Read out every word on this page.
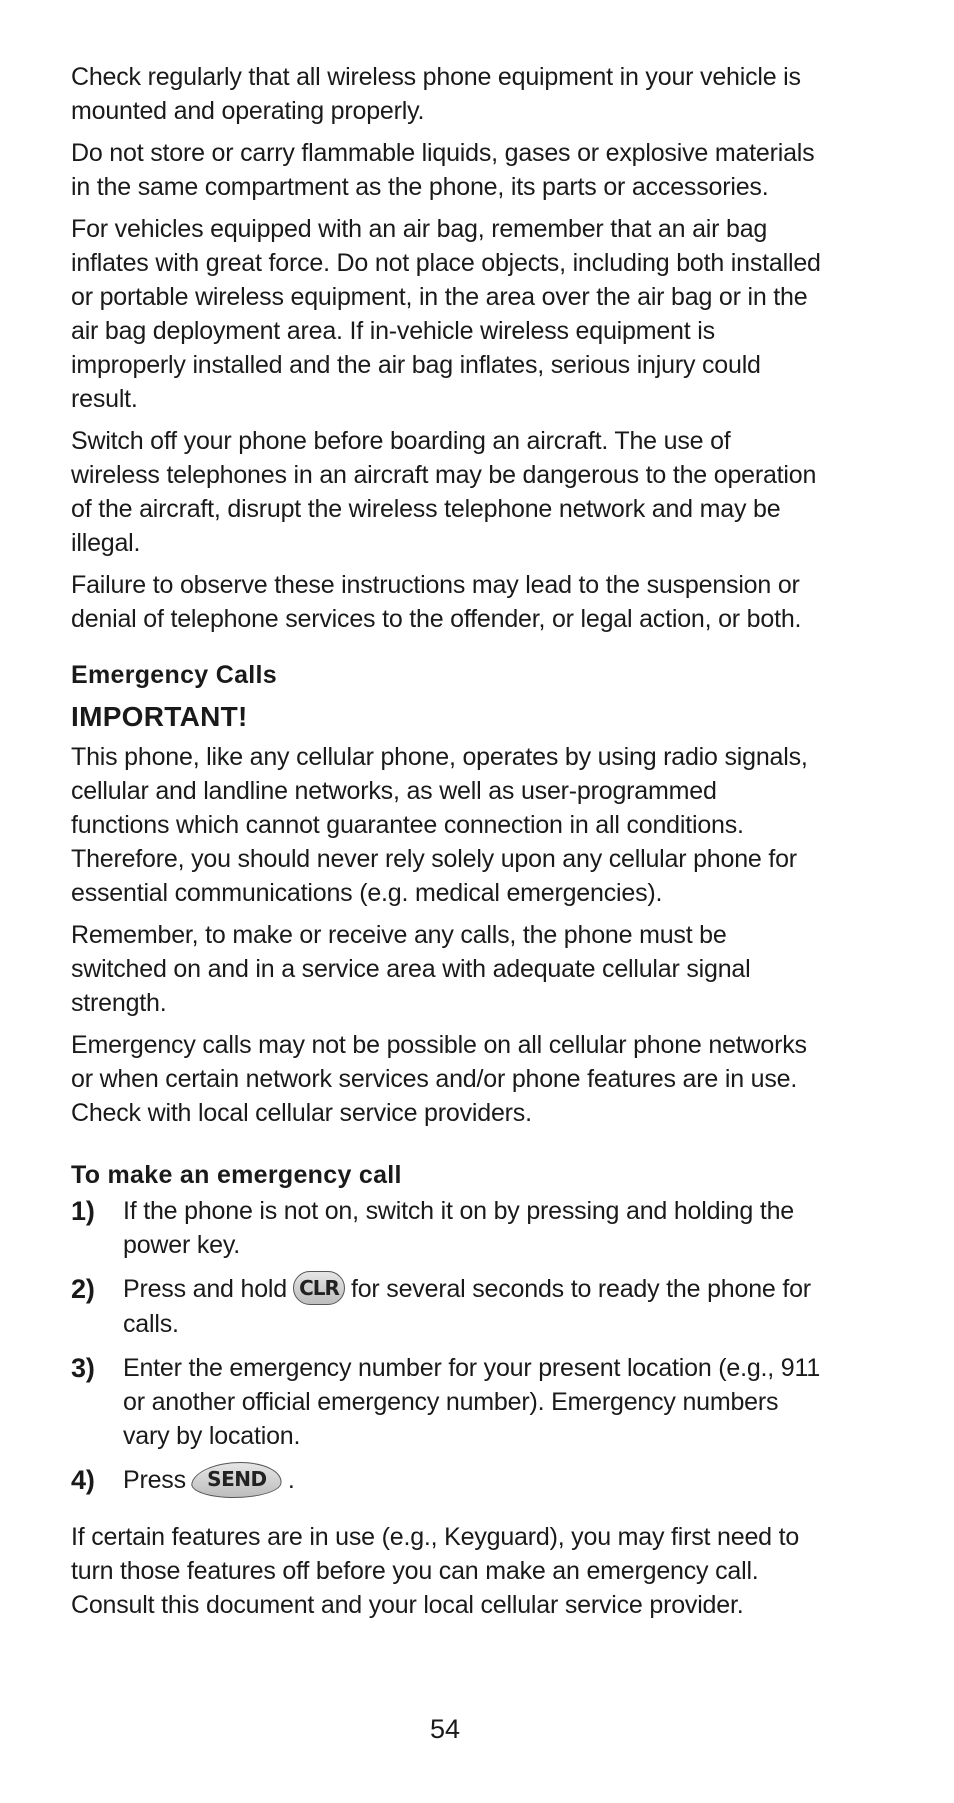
Check regularly that all wireless phone equipment in your vehicle is mounted and operating properly.

Do not store or carry flammable liquids, gases or explosive materials in the same compartment as the phone, its parts or accessories.

For vehicles equipped with an air bag, remember that an air bag inflates with great force. Do not place objects, including both installed or portable wireless equipment, in the area over the air bag or in the air bag deployment area. If in-vehicle wireless equipment is improperly installed and the air bag inflates, serious injury could result.

Switch off your phone before boarding an aircraft. The use of wireless telephones in an aircraft may be dangerous to the operation of the aircraft, disrupt the wireless telephone network and may be illegal.

Failure to observe these instructions may lead to the suspension or denial of telephone services to the offender, or legal action, or both.

Emergency Calls
IMPORTANT!

This phone, like any cellular phone, operates by using radio signals, cellular and landline networks, as well as user-programmed functions which cannot guarantee connection in all conditions. Therefore, you should never rely solely upon any cellular phone for essential communications (e.g. medical emergencies).

Remember, to make or receive any calls, the phone must be switched on and in a service area with adequate cellular signal strength.

Emergency calls may not be possible on all cellular phone networks or when certain network services and/or phone features are in use. Check with local cellular service providers.

To make an emergency call
1)	If the phone is not on, switch it on by pressing and holding the power key.
2)	Press and hold CLR for several seconds to ready the phone for calls.
3)	Enter the emergency number for your present location (e.g., 911 or another official emergency number). Emergency numbers vary by location.
4)	Press SEND .

If certain features are in use (e.g., Keyguard), you may first need to turn those features off before you can make an emergency call. Consult this document and your local cellular service provider.

54
